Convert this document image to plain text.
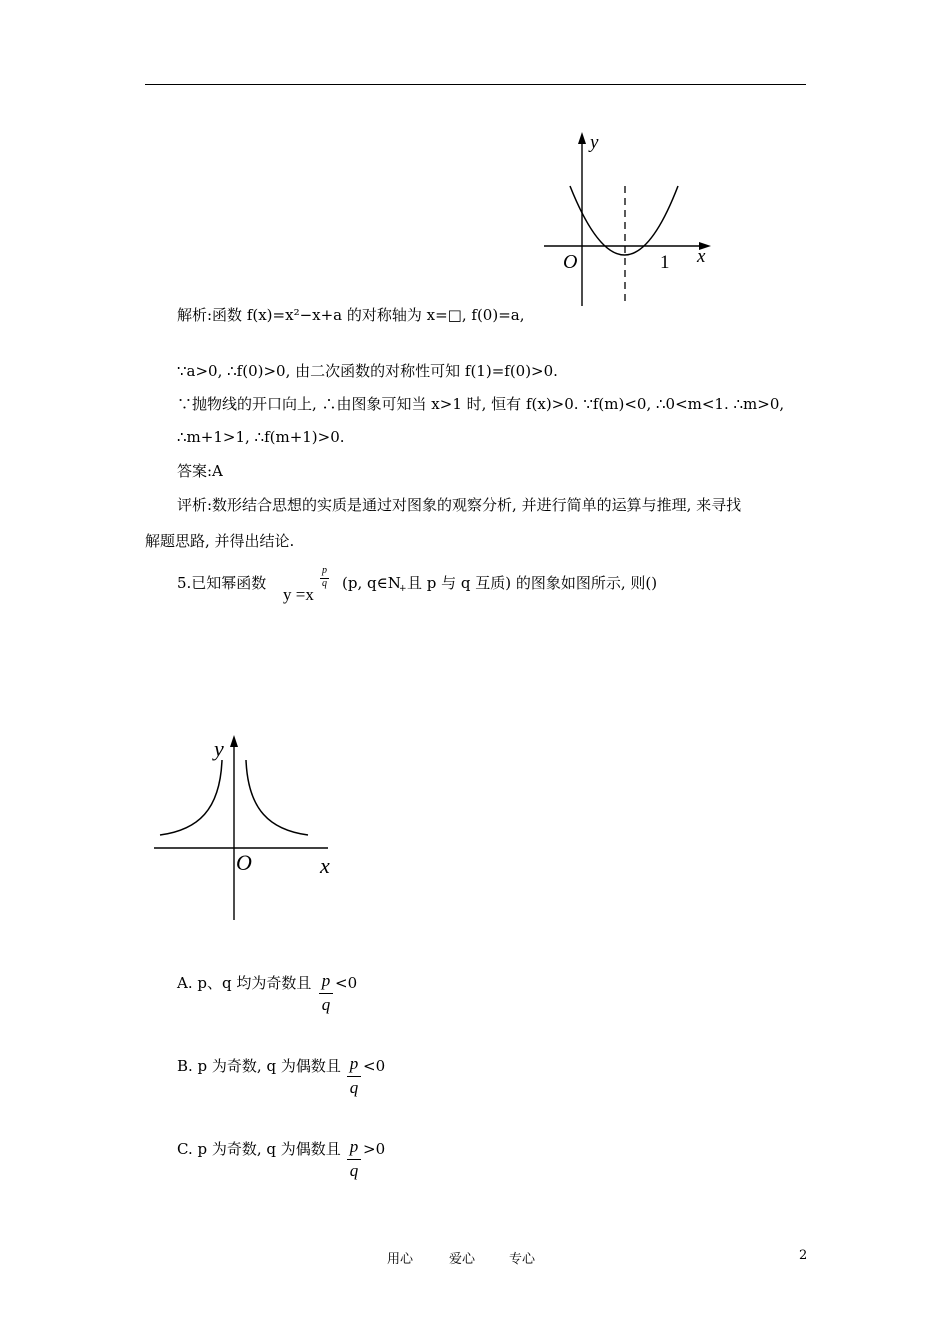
y
x
O	1
解析:函数 f(x)=x²−x+a 的对称轴为 x=□, f(0)=a,
∵a>0, ∴f(0)>0, 由二次函数的对称性可知 f(1)=f(0)>0.
∵抛物线的开口向上, ∴由图象可知当 x>1 时, 恒有 f(x)>0. ∵f(m)<0, ∴0<m<1. ∴m>0,
∴m+1>1, ∴f(m+1)>0.
答案:A
评析:数形结合思想的实质是通过对图象的观察分析, 并进行简单的运算与推理, 来寻找
解题思路, 并得出结论.
5.已知幂函数
y =x
p
q (p, q∈N
+ 且 p 与 q 互质) 的图象如图所示, 则()
y
x
O
A. p、q 均为奇数且 p
q
<0
B. p 为奇数, q 为偶数且 p
q
<0
C. p 为奇数, q 为偶数且 p
q
>0
用心	爱心	专心	2
